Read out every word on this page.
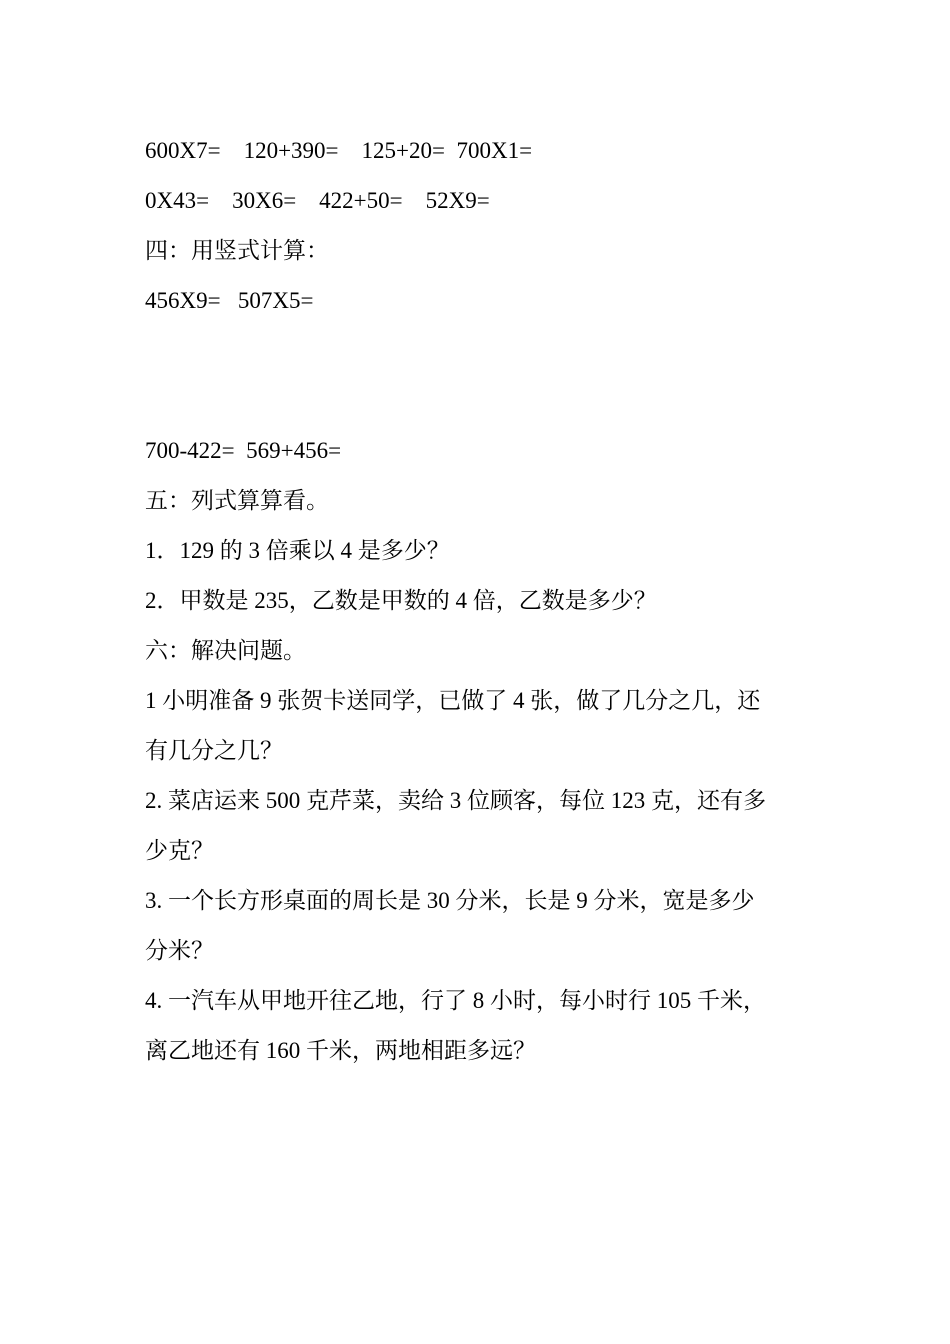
600X7=    120+390=    125+20=  700X1=
0X43=    30X6=    422+50=    52X9=
四：用竖式计算：
456X9=   507X5=
700-422=  569+456=
五：列式算算看。
1．129 的 3 倍乘以 4 是多少？
2．甲数是 235，乙数是甲数的 4 倍，乙数是多少？
六：解决问题。
1 小明准备 9 张贺卡送同学，已做了 4 张，做了几分之几，还
有几分之几？
2. 菜店运来 500 克芹菜，卖给 3 位顾客，每位 123 克，还有多
少克？
3. 一个长方形桌面的周长是 30 分米，长是 9 分米，宽是多少
分米？
4. 一汽车从甲地开往乙地，行了 8 小时，每小时行 105 千米，
离乙地还有 160 千米，两地相距多远？
